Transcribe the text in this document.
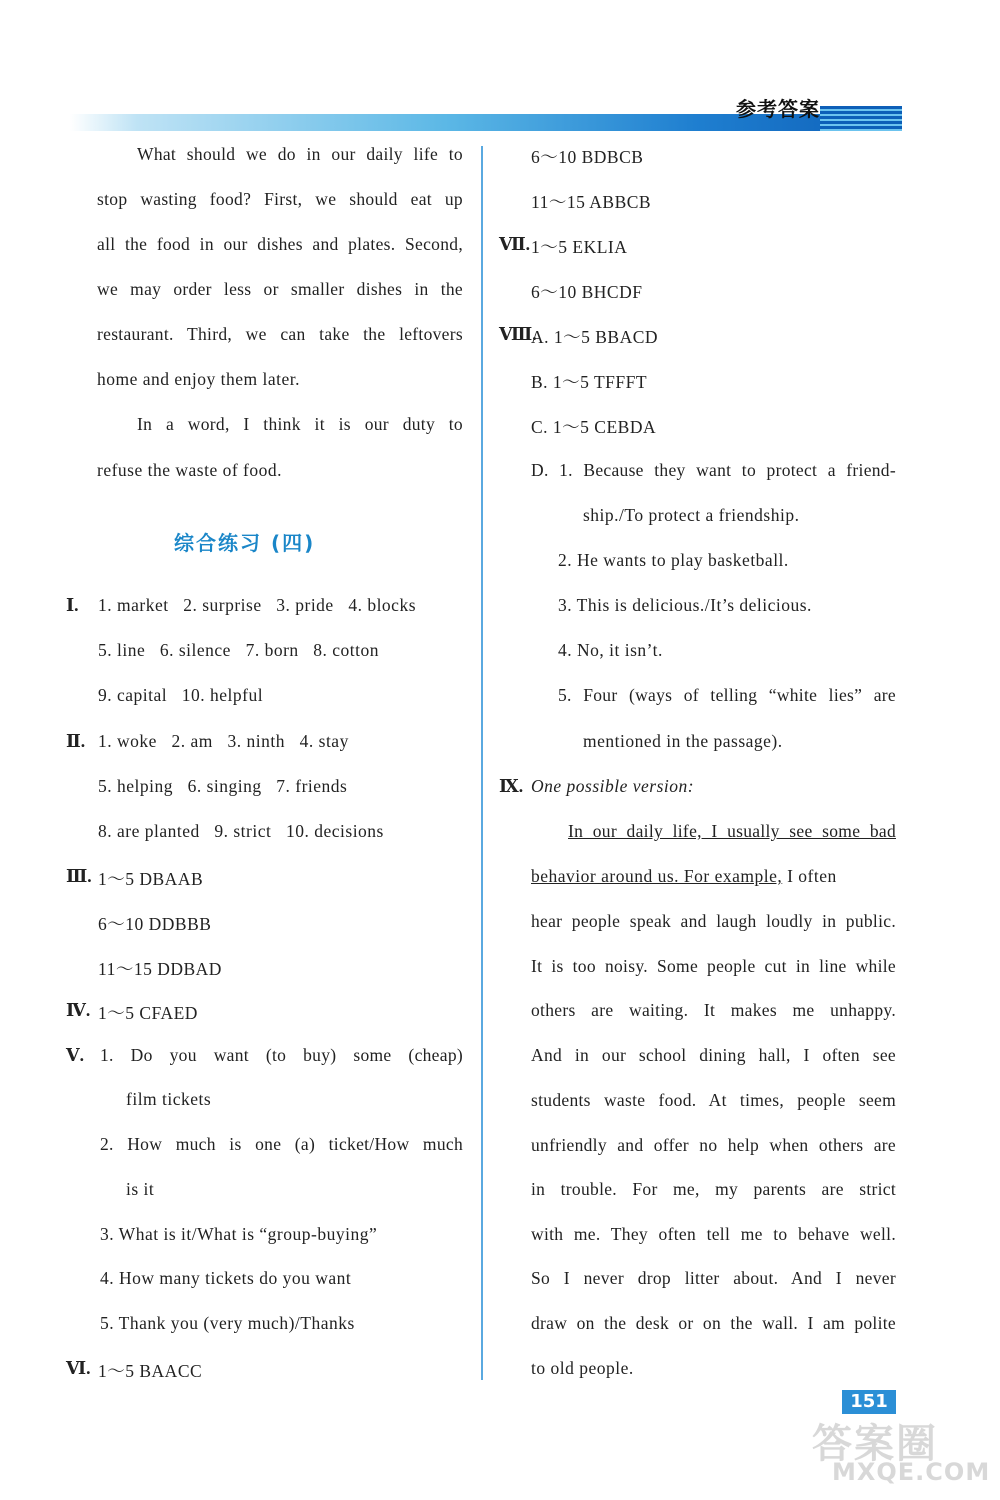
参考答案
What should we do in our daily life to
stop wasting food? First, we should eat up
all the food in our dishes and plates. Second,
we may order less or smaller dishes in the
restaurant. Third, we can take the leftovers
home and enjoy them later.
In a word, I think it is our duty to
refuse the waste of food.
综合练习 (四)
Ⅰ. 1. market   2. surprise   3. pride   4. blocks
5. line   6. silence   7. born   8. cotton
9. capital   10. helpful
Ⅱ. 1. woke   2. am   3. ninth   4. stay
5. helping   6. singing   7. friends
8. are planted   9. strict   10. decisions
Ⅲ. 1～5 DBAAB
6～10 DDBBB
11～15 DDBAD
Ⅳ. 1～5 CFAED
Ⅴ. 1. Do you want (to buy) some (cheap)
film tickets
2. How much is one (a) ticket/How much
is it
3. What is it/What is “group-buying”
4. How many tickets do you want
5. Thank you (very much)/Thanks
Ⅵ. 1～5 BAACC
6～10 BDBCB
11～15 ABBCB
Ⅶ. 1～5 EKLIA
6～10 BHCDF
Ⅷ.
A. 1～5 BBACD
B. 1～5 TFFFT
C. 1～5 CEBDA
D. 1. Because they want to protect a friend-
ship./To protect a friendship.
2. He wants to play basketball.
3. This is delicious./It’s delicious.
4. No, it isn’t.
5. Four (ways of telling “white lies” are
mentioned in the passage).
Ⅸ. One possible version:
In our daily life, I usually see some bad
behavior around us. For example, I often
hear people speak and laugh loudly in public.
It is too noisy. Some people cut in line while
others are waiting. It makes me unhappy.
And in our school dining hall, I often see
students waste food. At times, people seem
unfriendly and offer no help when others are
in trouble. For me, my parents are strict
with me. They often tell me to behave well.
So I never drop litter about. And I never
draw on the desk or on the wall. I am polite
to old people.
151
答案圈
MXQE.COM
